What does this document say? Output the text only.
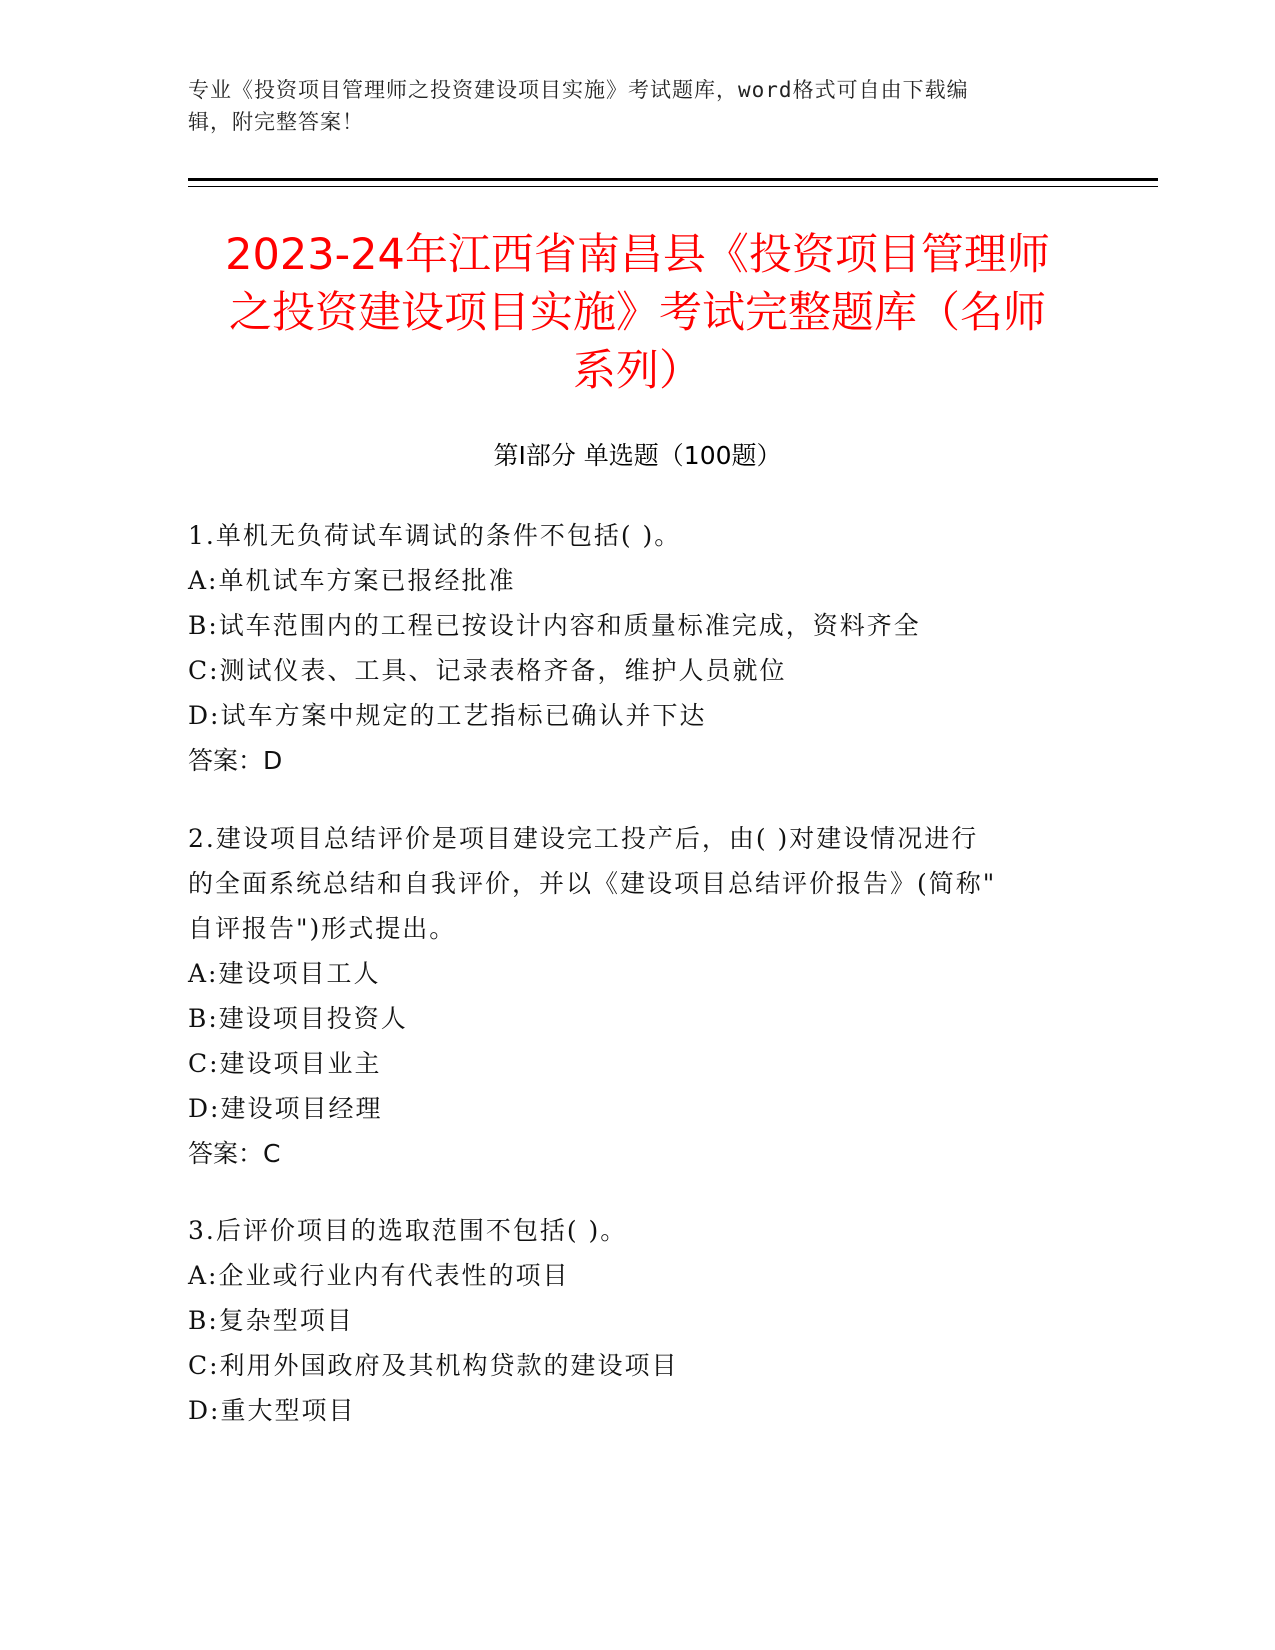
专业《投资项目管理师之投资建设项目实施》考试题库，word格式可自由下载编
辑，附完整答案！
2023-24年江西省南昌县《投资项目管理师
之投资建设项目实施》考试完整题库（名师
系列）
第Ⅰ部分 单选题（100题）
1.单机无负荷试车调试的条件不包括( )。
A:单机试车方案已报经批准
B:试车范围内的工程已按设计内容和质量标准完成，资料齐全
C:测试仪表、工具、记录表格齐备，维护人员就位
D:试车方案中规定的工艺指标已确认并下达
答案：D
2.建设项目总结评价是项目建设完工投产后，由( )对建设情况进行
的全面系统总结和自我评价，并以《建设项目总结评价报告》(简称"
自评报告")形式提出。
A:建设项目工人
B:建设项目投资人
C:建设项目业主
D:建设项目经理
答案：C
3.后评价项目的选取范围不包括( )。
A:企业或行业内有代表性的项目
B:复杂型项目
C:利用外国政府及其机构贷款的建设项目
D:重大型项目
